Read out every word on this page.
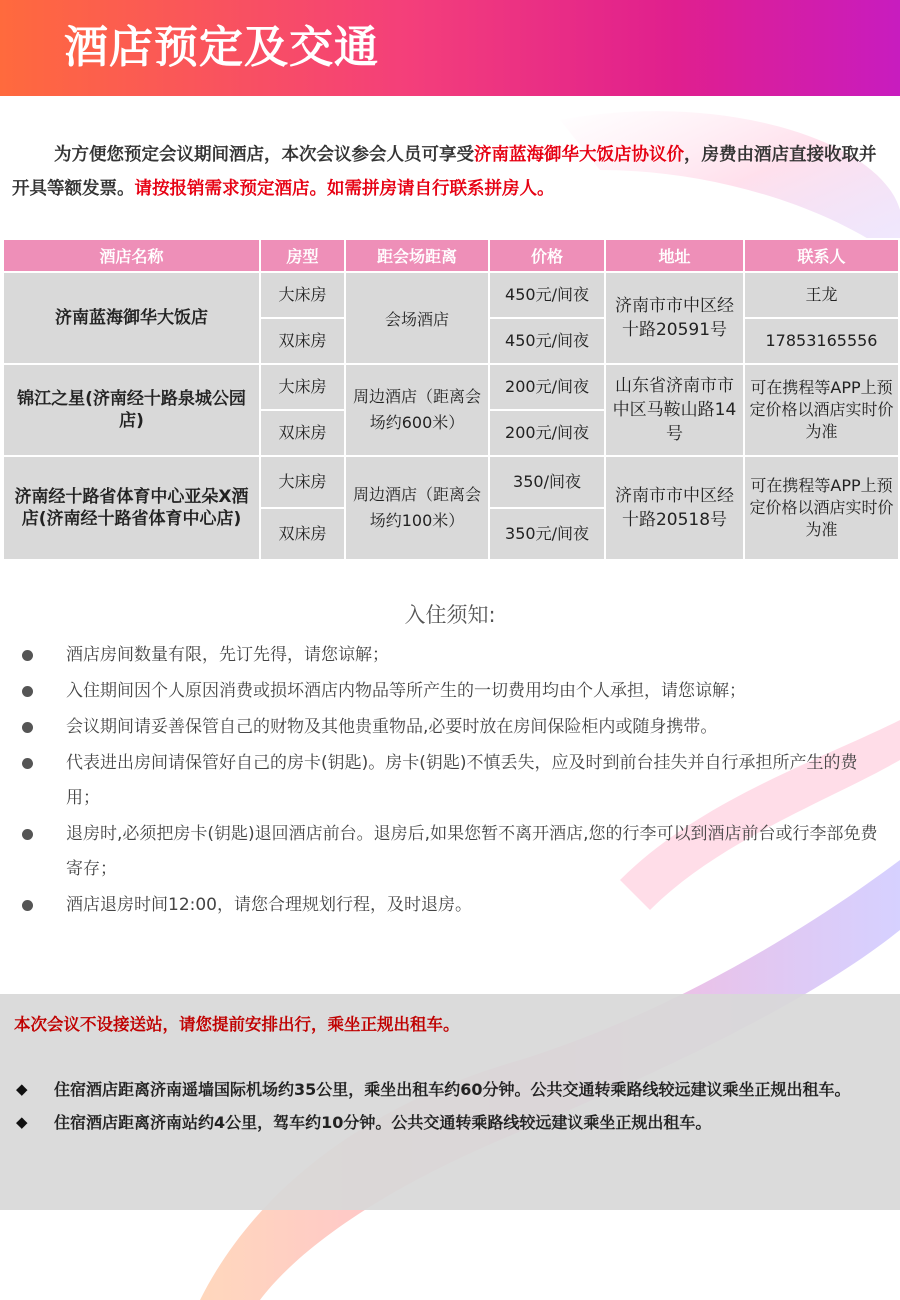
酒店预定及交通

为方便您预定会议期间酒店，本次会议参会人员可享受济南蓝海御华大饭店协议价，房费由酒店直接收取并开具等额发票。请按报销需求预定酒店。如需拼房请自行联系拼房人。

酒店名称	房型	距会场距离	价格	地址	联系人
济南蓝海御华大饭店	大床房	会场酒店	450元/间夜	济南市市中区经十路20591号	王龙
	双床房		450元/间夜		17853165556
锦江之星(济南经十路泉城公园店)	大床房	周边酒店（距离会场约600米）	200元/间夜	山东省济南市市中区马鞍山路14号	可在携程等APP上预定价格以酒店实时价为准
	双床房		200元/间夜		
济南经十路省体育中心亚朵X酒店(济南经十路省体育中心店)	大床房	周边酒店（距离会场约100米）	350/间夜	济南市市中区经十路20518号	可在携程等APP上预定价格以酒店实时价为准
	双床房		350元/间夜		
入住须知:
酒店房间数量有限，先订先得，请您谅解；
入住期间因个人原因消费或损坏酒店内物品等所产生的一切费用均由个人承担，请您谅解；
会议期间请妥善保管自己的财物及其他贵重物品,必要时放在房间保险柜内或随身携带。
代表进出房间请保管好自己的房卡(钥匙)。房卡(钥匙)不慎丢失，应及时到前台挂失并自行承担所产生的费用；
退房时,必须把房卡(钥匙)退回酒店前台。退房后,如果您暂不离开酒店,您的行李可以到酒店前台或行李部免费寄存；
酒店退房时间12:00，请您合理规划行程，及时退房。
本次会议不设接送站，请您提前安排出行，乘坐正规出租车。
◆ 住宿酒店距离济南遥墙国际机场约35公里，乘坐出租车约60分钟。公共交通转乘路线较远建议乘坐正规出租车。
◆ 住宿酒店距离济南站约4公里，驾车约10分钟。公共交通转乘路线较远建议乘坐正规出租车。
